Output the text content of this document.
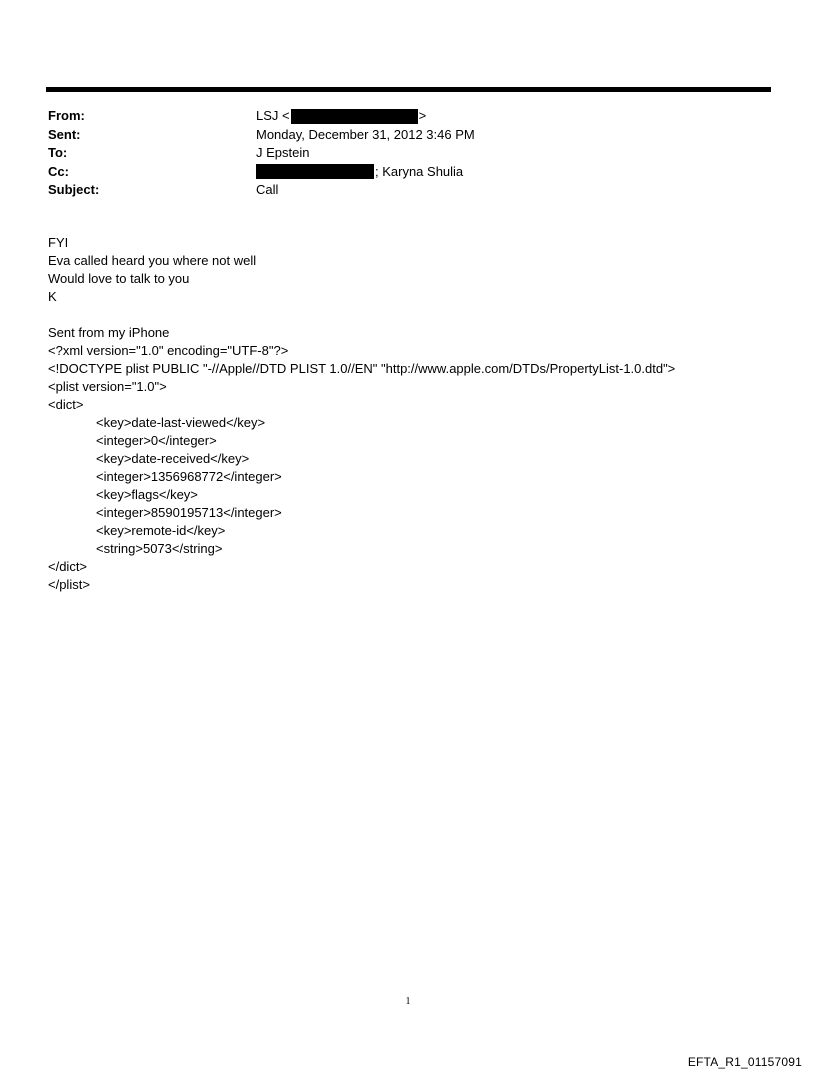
From:	LSJ <	>
Sent:	Monday, December 31, 2012 3:46 PM
To:	J Epstein
Cc:	; Karyna Shulia
Subject:	Call
FYI
Eva called heard you where not well
Would love to talk to you
K
Sent from my iPhone
<?xml version="1.0" encoding="UTF-8"?>
<!DOCTYPE plist PUBLIC "-//Apple//DTD PLIST 1.0//EN" "http://www.apple.com/DTDs/PropertyList-1.0.dtd">
<plist version="1.0">
<dict>
<key>date-last-viewed</key>
<integer>0</integer>
<key>date-received</key>
<integer>1356968772</integer>
<key>flags</key>
<integer>8590195713</integer>
<key>remote-id</key>
<string>5073</string>
</dict>
</plist>
1
EFTA_R1_01157091
